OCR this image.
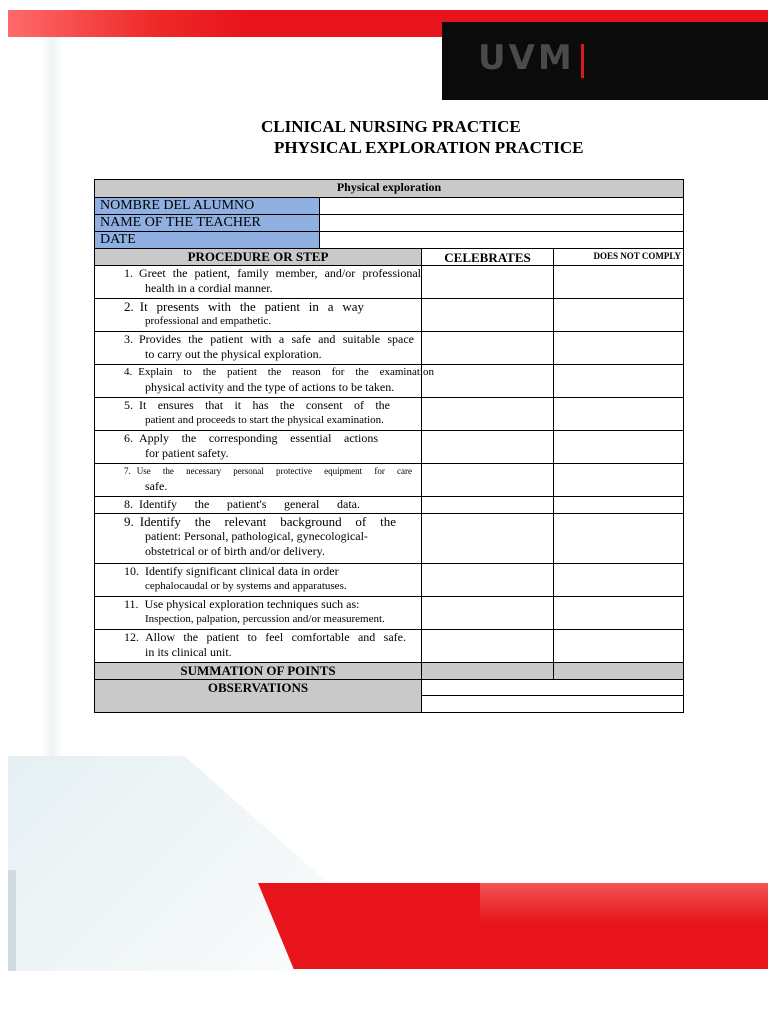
UVM
CLINICAL NURSING PRACTICE
PHYSICAL EXPLORATION PRACTICE
Physical exploration			
NOMBRE DEL ALUMNO			
NAME OF THE TEACHER			
DATE			
PROCEDURE OR STEP		CELEBRATES	DOES NOT COMPLY

1. Greet the patient, family member, and/or professional
health in a cordial manner.			

2. It presents with the patient in a way
professional and empathetic.			

3. Provides the patient with a safe and suitable space
to carry out the physical exploration.			

4. Explain to the patient the reason for the examination
physical activity and the type of actions to be taken.			

5. It ensures that it has the consent of the
patient and proceeds to start the physical examination.			

6. Apply the corresponding essential actions
for patient safety.			

7. Use the necessary personal protective equipment for care
safe.			

8. Identify the patient's general data.			

9. Identify the relevant background of the
patient: Personal, pathological, gynecological-
obstetrical or of birth and/or delivery.			

10. Identify significant clinical data in order
cephalocaudal or by systems and apparatuses.			

11. Use physical exploration techniques such as:
Inspection, palpation, percussion and/or measurement.			

12. Allow the patient to feel comfortable and safe.
in its clinical unit.			

SUMMATION OF POINTS			
OBSERVATIONS			
